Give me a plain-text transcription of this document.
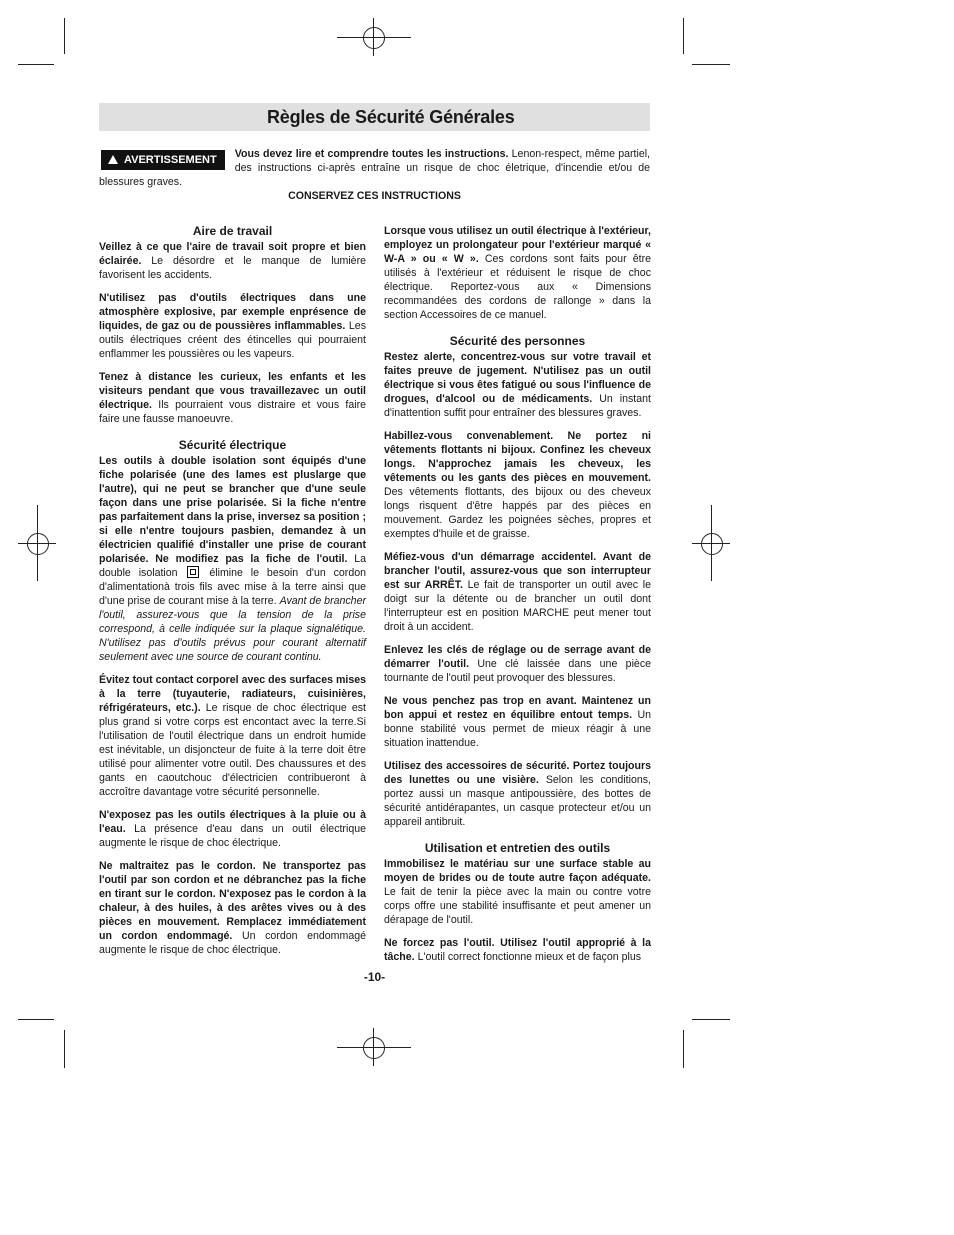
Règles de Sécurité Générales
AVERTISSEMENT	Vous devez lire et comprendre toutes les instructions. Lenon-respect, même partiel, des instructions ci-après entraîne un risque de choc életrique, d'incendie et/ou de blessures graves.
CONSERVEZ CES INSTRUCTIONS
Aire de travail

Veillez à ce que l'aire de travail soit propre et bien éclairée. Le désordre et le manque de lumière favorisent les accidents.

N'utilisez pas d'outils électriques dans une atmosphère explosive, par exemple enprésence de liquides, de gaz ou de poussières inflammables. Les outils électriques créent des étincelles qui pourraient enflammer les poussières ou les vapeurs.

Tenez à distance les curieux, les enfants et les visiteurs pendant que vous travaillezavec un outil électrique. Ils pourraient vous distraire et vous faire faire une fausse manoeuvre.

Sécurité électrique

Les outils à double isolation sont équipés d'une fiche polarisée (une des lames est pluslarge que l'autre), qui ne peut se brancher que d'une seule façon dans une prise polarisée. Si la fiche n'entre pas parfaitement dans la prise, inversez sa position ; si elle n'entre toujours pasbien, demandez à un électricien qualifié d'installer une prise de courant polarisée. Ne modifiez pas la fiche de l'outil. La double isolation  élimine le besoin d'un cordon d'alimentationà trois fils avec mise à la terre ainsi que d'une prise de courant mise à la terre. Avant de brancher l'outil, assurez-vous que la tension de la prise correspond, à celle indiquée sur la plaque signalétique. N'utilisez pas d'outils prévus pour courant alternatif seulement avec une source de courant continu.

Évitez tout contact corporel avec des surfaces mises à la terre (tuyauterie, radiateurs, cuisinières, réfrigérateurs, etc.). Le risque de choc électrique est plus grand si votre corps est encontact avec la terre.Si l'utilisation de l'outil électrique dans un endroit humide est inévitable, un disjoncteur de fuite à la terre doit être utilisé pour alimenter votre outil. Des chaussures et des gants en caoutchouc d'électricien contribueront à accroître davantage votre sécurité personnelle.

N'exposez pas les outils électriques à la pluie ou à l'eau. La présence d'eau dans un outil électrique augmente le risque de choc électrique.

Ne maltraitez pas le cordon. Ne transportez pas l'outil par son cordon et ne débranchez pas la fiche en tirant sur le cordon. N'exposez pas le cordon à la chaleur, à des huiles, à des arêtes vives ou à des pièces en mouvement. Remplacez immédiatement un cordon endommagé. Un cordon endommagé augmente le risque de choc électrique.

Lorsque vous utilisez un outil électrique à l'extérieur, employez un prolongateur pour l'extérieur marqué « W-A » ou « W ». Ces cordons sont faits pour être utilisés à l'extérieur et réduisent le risque de choc électrique. Reportez-vous aux « Dimensions recommandées des cordons de rallonge » dans la section Accessoires de ce manuel.

Sécurité des personnes

Restez alerte, concentrez-vous sur votre travail et faites preuve de jugement. N'utilisez pas un outil électrique si vous êtes fatigué ou sous l'influence de drogues, d'alcool ou de médicaments. Un instant d'inattention suffit pour entraîner des blessures graves.

Habillez-vous convenablement. Ne portez ni vêtements flottants ni bijoux. Confinez les cheveux longs. N'approchez jamais les cheveux, les vêtements ou les gants des pièces en mouvement. Des vêtements flottants, des bijoux ou des cheveux longs risquent d'être happés par des pièces en mouvement. Gardez les poignées sèches, propres et exemptes d'huile et de graisse.

Méfiez-vous d'un démarrage accidentel. Avant de brancher l'outil, assurez-vous que son interrupteur est sur ARRÊT. Le fait de transporter un outil avec le doigt sur la détente ou de brancher un outil dont l'interrupteur est en position MARCHE peut mener tout droit à un accident.

Enlevez les clés de réglage ou de serrage avant de démarrer l'outil. Une clé laissée dans une pièce tournante de l'outil peut provoquer des blessures.

Ne vous penchez pas trop en avant. Maintenez un bon appui et restez en équilibre entout temps. Un bonne stabilité vous permet de mieux réagir à une situation inattendue.

Utilisez des accessoires de sécurité. Portez toujours des lunettes ou une visière. Selon les conditions, portez aussi un masque antipoussière, des bottes de sécurité antidérapantes, un casque protecteur et/ou un appareil antibruit.

Utilisation et entretien des outils

Immobilisez le matériau sur une surface stable au moyen de brides ou de toute autre façon adéquate. Le fait de tenir la pièce avec la main ou contre votre corps offre une stabilité insuffisante et peut amener un dérapage de l'outil.

Ne forcez pas l'outil. Utilisez l'outil approprié à la tâche. L'outil correct fonctionne mieux et de façon plus

-10-
